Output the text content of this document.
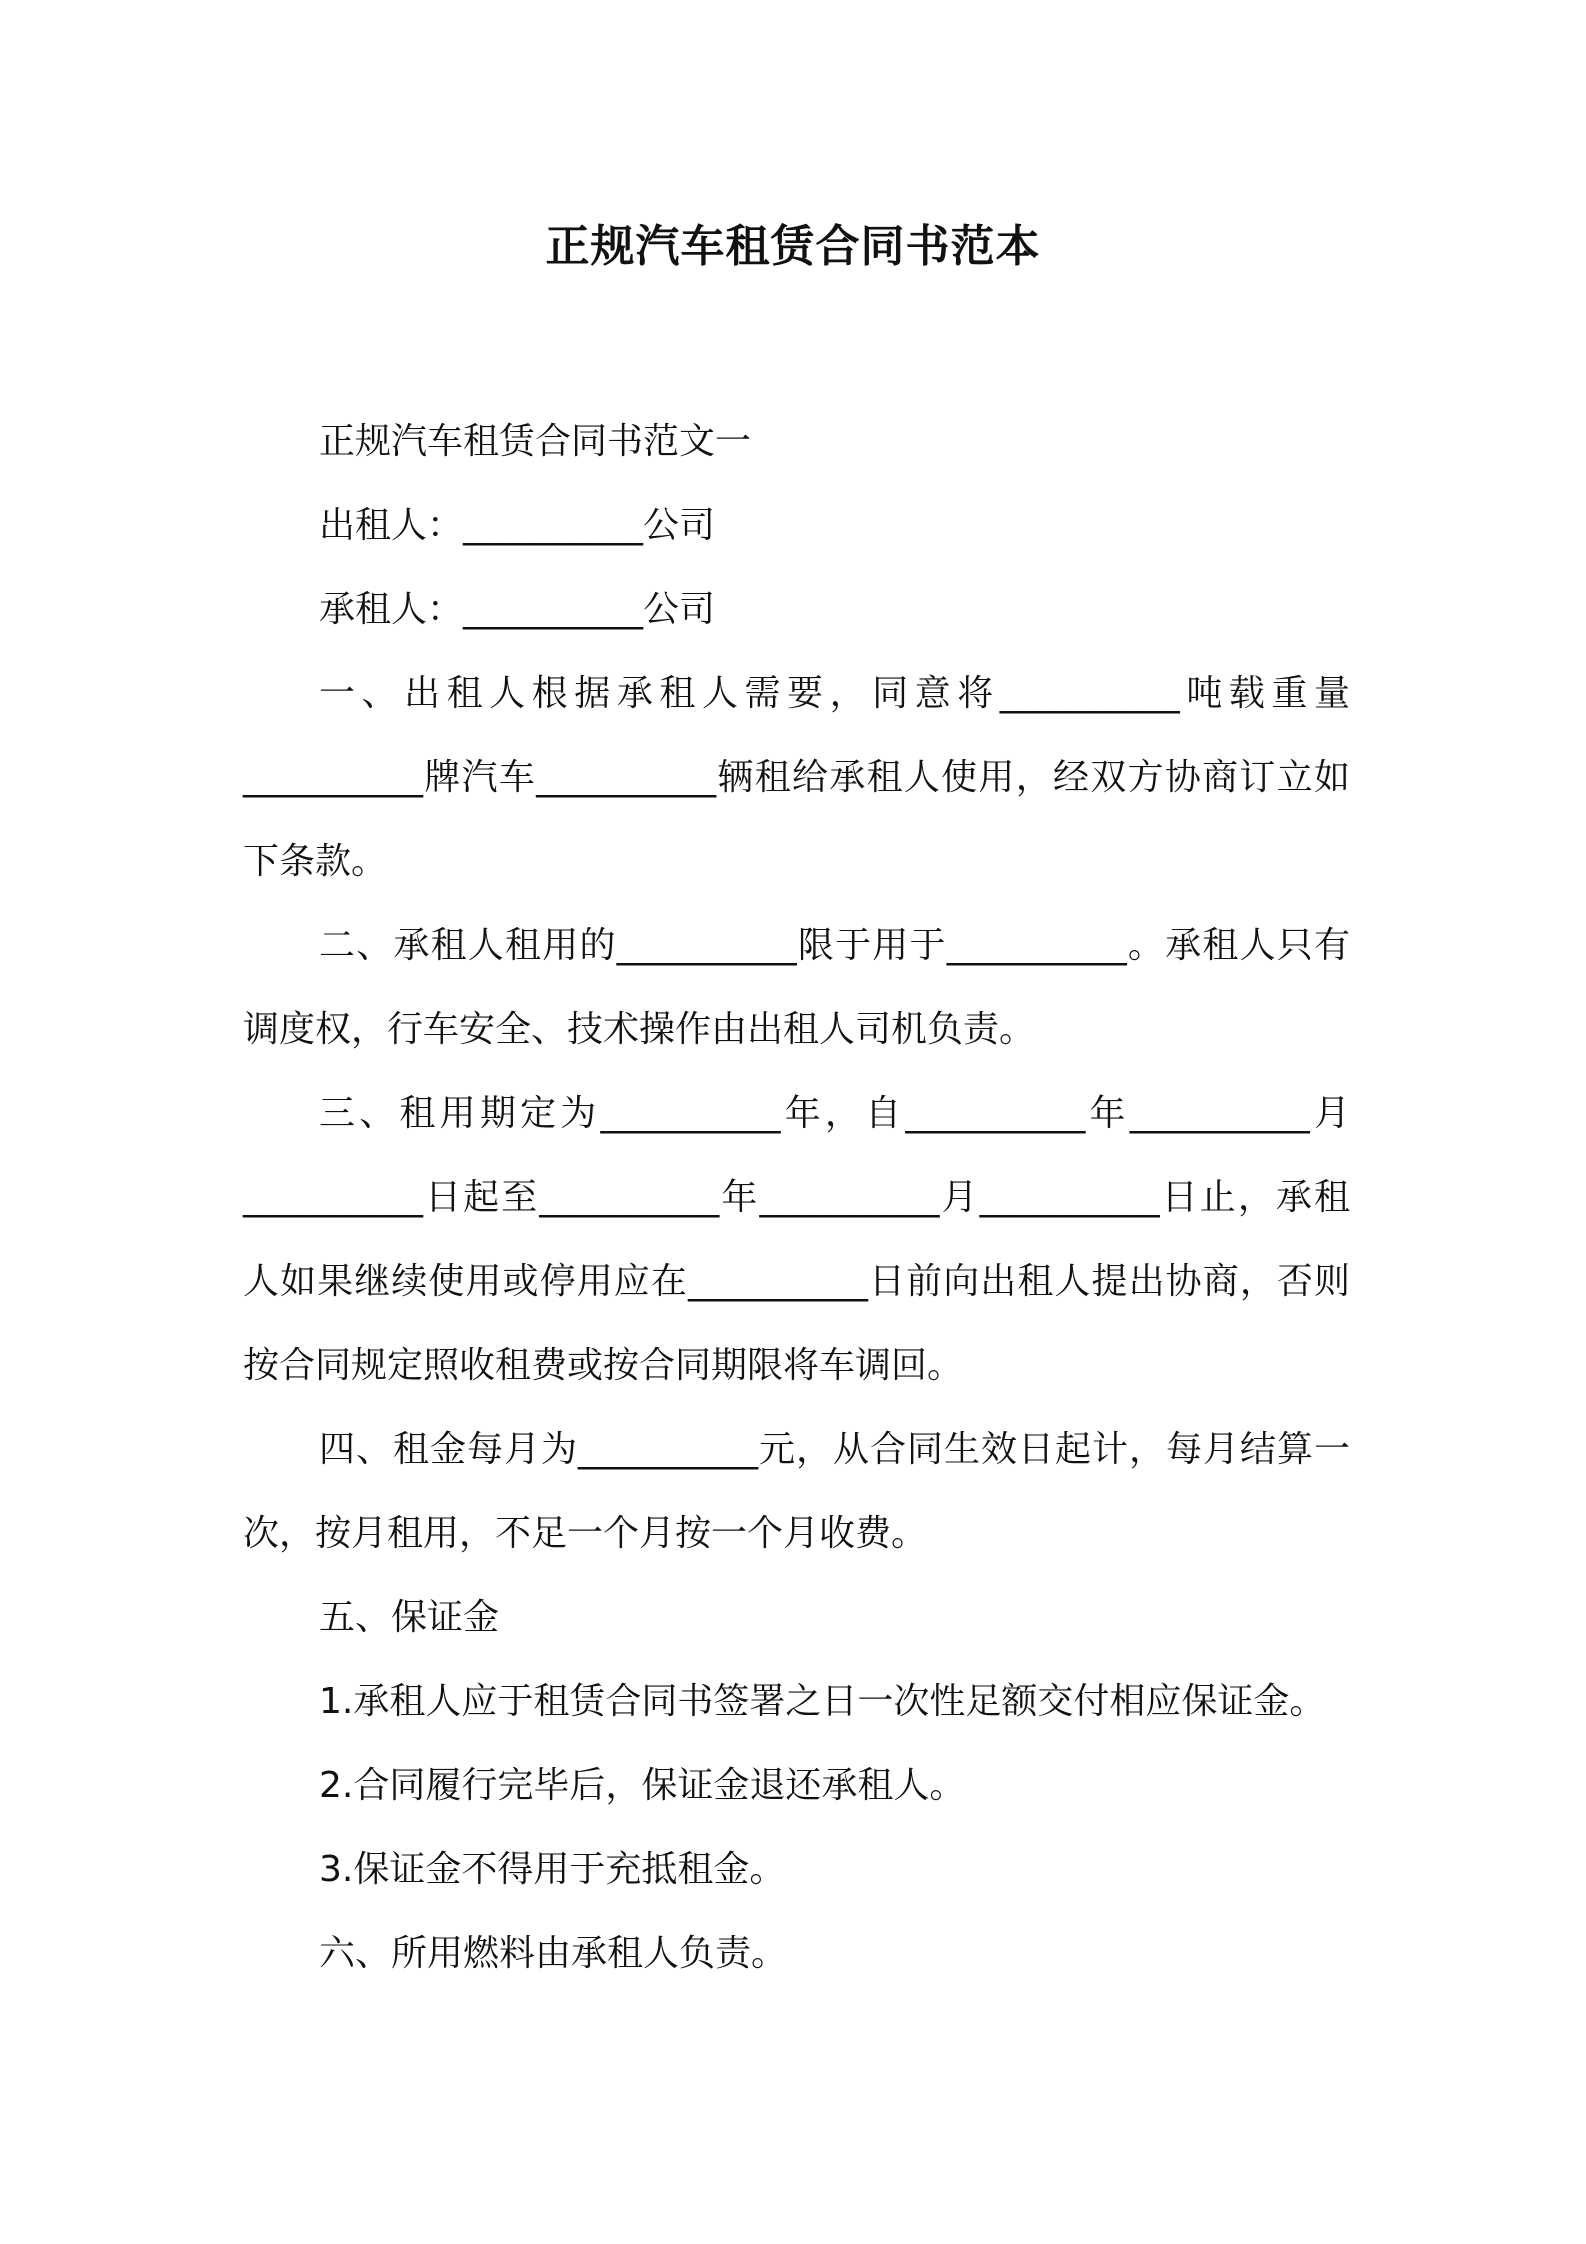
正规汽车租赁合同书范本

正规汽车租赁合同书范文一

出租人：__________公司

承租人：__________公司

一、出租人根据承租人需要，同意将__________吨载重量__________牌汽车__________辆租给承租人使用，经双方协商订立如下条款。

二、承租人租用的__________限于用于__________。承租人只有调度权，行车安全、技术操作由出租人司机负责。

三、租用期定为__________年，自__________年__________月__________日起至__________年__________月__________日止，承租人如果继续使用或停用应在__________日前向出租人提出协商，否则按合同规定照收租费或按合同期限将车调回。

四、租金每月为__________元，从合同生效日起计，每月结算一次，按月租用，不足一个月按一个月收费。

五、保证金

1.承租人应于租赁合同书签署之日一次性足额交付相应保证金。

2.合同履行完毕后，保证金退还承租人。

3.保证金不得用于充抵租金。

六、所用燃料由承租人负责。
